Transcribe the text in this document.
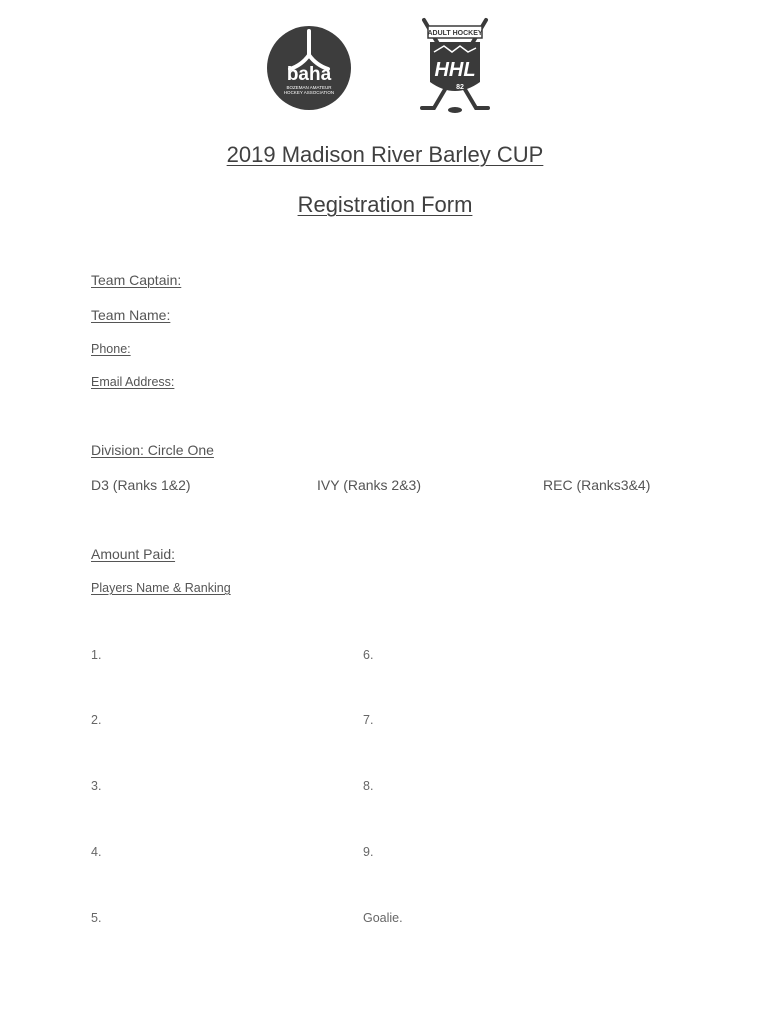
baha
BOZEMAN AMATEUR
HOCKEY ASSOCIATION
ADULT HOCKEY
HHL
82
2019 Madison River Barley CUP
Registration Form
Team Captain:
Team Name:
Phone:
Email Address:
Division: Circle One
D3 (Ranks 1&2)	IVY (Ranks 2&3)	REC (Ranks3&4)
Amount Paid:
Players Name & Ranking
1.
2.
3.
4.
5.
6.
7.
8.
9.
Goalie.
